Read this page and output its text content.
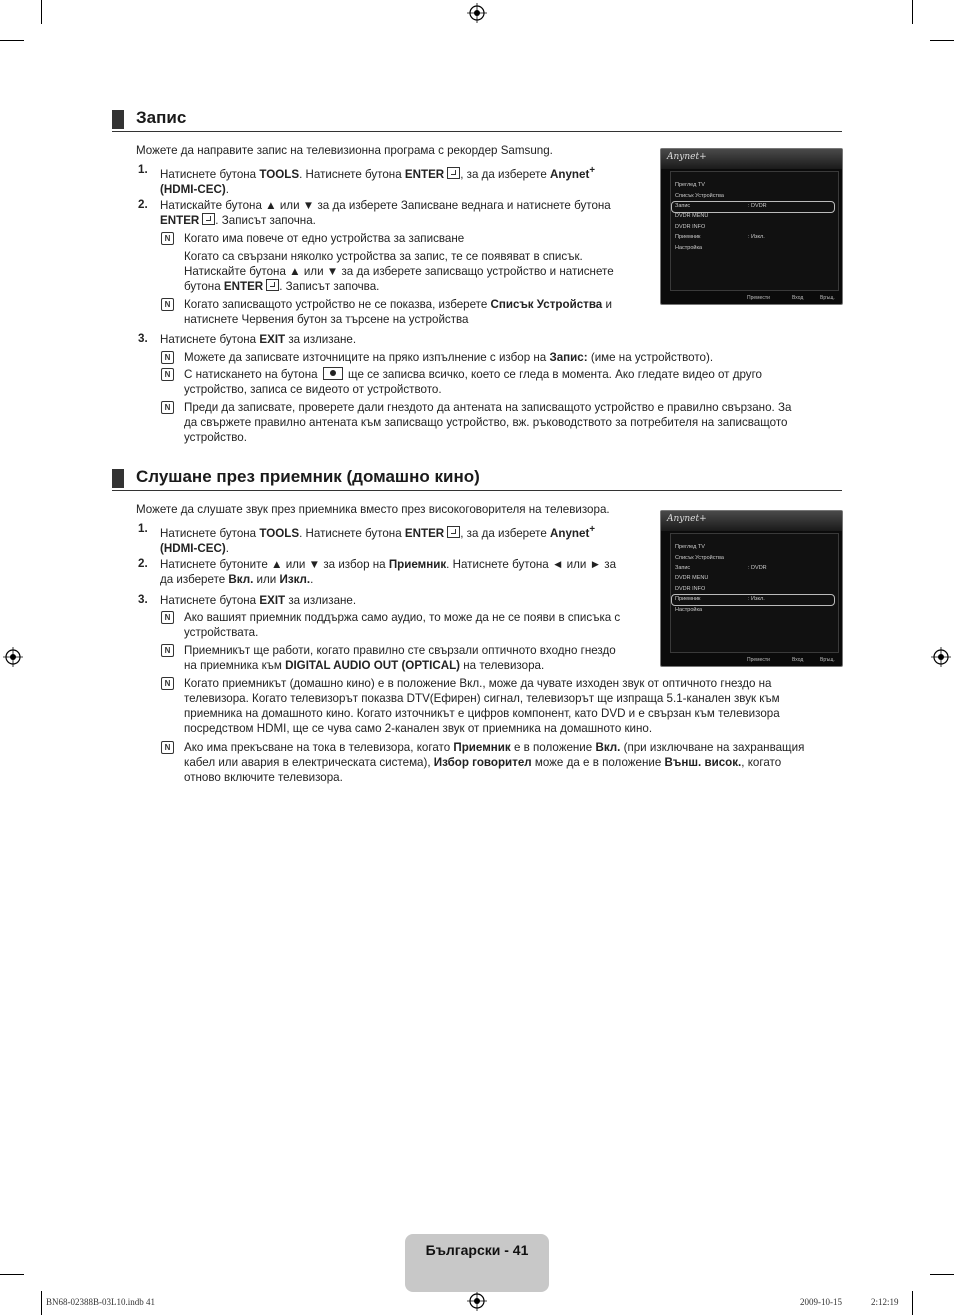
Запис
Можете да направите запис на телевизионна програма с рекордер Samsung.
1. Натиснете бутона TOOLS. Натиснете бутона ENTER , за да изберете Anynet+
(HDMI-CEC).
2. Натискайте бутона ▲ или ▼ за да изберете Записване веднага и натиснете бутона
ENTER . Записът започна.
N	Когато има повече от едно устройства за записване
Когато са свързани няколко устройства за запис, те се появяват в списък.
Натискайте бутона ▲ или ▼ за да изберете записващо устройство и натиснете
бутона ENTER . Записът започва.
N	Когато записващото устройство не се показва, изберете Списък Устройства и
натиснете Червения бутон за търсене на устройства
3. Натиснете бутона EXIT за излизане.
N	Можете да записвате източниците на пряко изпълнение с избор на Запис: (име на устройството).
N	С натискането на бутона  ще се записва всичко, което се гледа в момента. Ако гледате видео от друго
устройство, записа се видеото от устройството.
N	Преди да записвате, проверете дали гнездото да антената на записващото устройство е правилно свързано. За
да свържете правилно антената към записващо устройство, вж. ръководството за потребителя на записващото
устройство.
Anynet+
Преглед TV
Списък Устройства
Запис	: DVDR
DVDR MENU
DVDR INFO
Приемник	: Изкл.
Настройка
Премести	Вход	Връщ.
Слушане през приемник (домашно кино)
Можете да слушате звук през приемника вместо през високоговорителя на телевизора.
1. Натиснете бутона TOOLS. Натиснете бутона ENTER , за да изберете Anynet+
(HDMI-CEC).
2. Натиснете бутоните ▲ или ▼ за избор на Приемник. Натиснете бутона ◄ или ► за
да изберете Вкл. или Изкл..
3. Натиснете бутона EXIT за излизане.
N	Ако вашият приемник поддържа само аудио, то може да не се появи в списъка с
устройствата.
N	Приемникът ще работи, когато правилно сте свързали оптичното входно гнездо
на приемника към DIGITAL AUDIO OUT (OPTICAL) на телевизора.
N	Когато приемникът (домашно кино) е в положение Вкл., може да чувате изходен звук от оптичното гнездо на
телевизора. Когато телевизорът показва DTV(Ефирен) сигнал, телевизорът ще изпраща 5.1-канален звук към
приемника на домашното кино. Когато източникът е цифров компонент, като DVD и е свързан към телевизора
посредством HDMI, ще се чува само 2-канален звук от приемника на домашното кино.
N	Ако има прекъсване на тока в телевизора, когато Приемник е в положение Вкл. (при изключване на захранващия
кабел или авария в електрическата система), Избор говорител може да е в положение Външ. висок., когато
отново включите телевизора.
Anynet+
Преглед TV
Списък Устройства
Запис	: DVDR
DVDR MENU
DVDR INFO
Приемник	: Изкл.
Настройка
Премести	Вход	Връщ.
Български - 41
BN68-02388B-03L10.indb 41	2009-10-15	2:12:19
